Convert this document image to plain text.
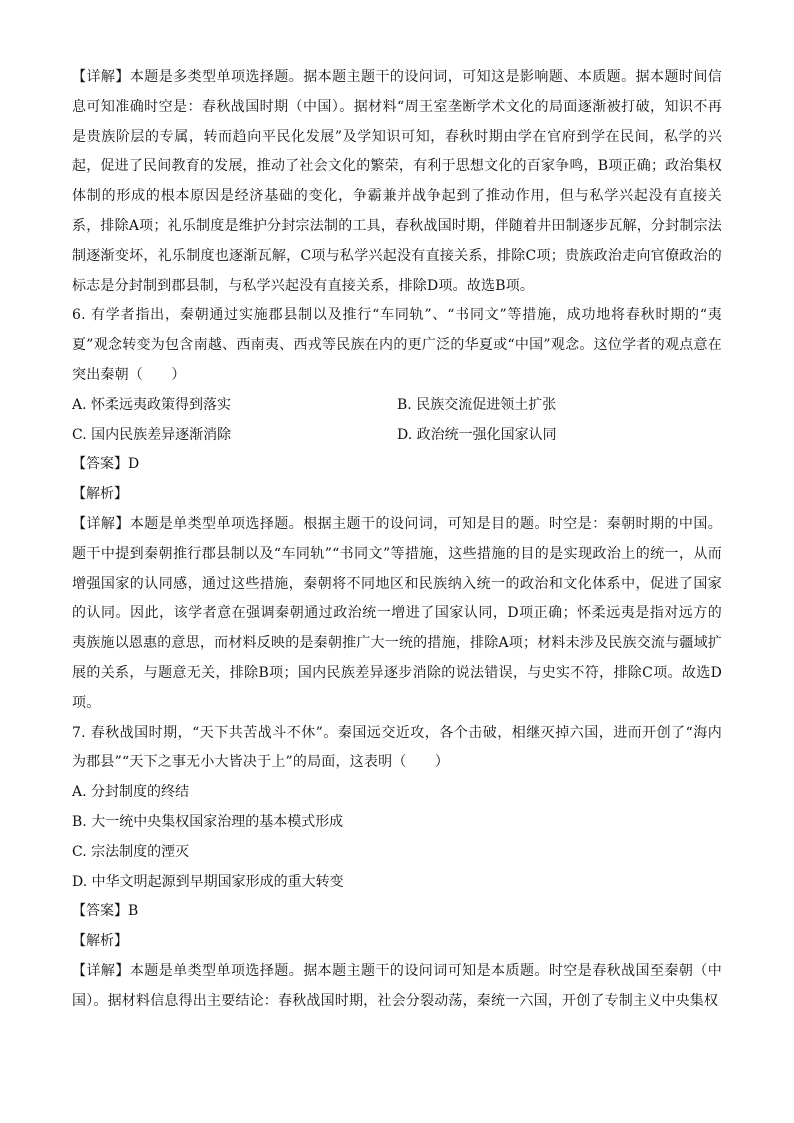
【详解】本题是多类型单项选择题。据本题主题干的设问词，可知这是影响题、本质题。据本题时间信息可知准确时空是：春秋战国时期（中国）。据材料“周王室垄断学术文化的局面逐渐被打破，知识不再是贵族阶层的专属，转而趋向平民化发展”及学知识可知，春秋时期由学在官府到学在民间，私学的兴起，促进了民间教育的发展，推动了社会文化的繁荣，有利于思想文化的百家争鸣，B项正确；政治集权体制的形成的根本原因是经济基础的变化，争霸兼并战争起到了推动作用，但与私学兴起没有直接关系，排除A项；礼乐制度是维护分封宗法制的工具，春秋战国时期，伴随着井田制逐步瓦解，分封制宗法制逐渐变坏，礼乐制度也逐渐瓦解，C项与私学兴起没有直接关系，排除C项；贵族政治走向官僚政治的标志是分封制到郡县制，与私学兴起没有直接关系，排除D项。故选B项。

6. 有学者指出，秦朝通过实施郡县制以及推行“车同轨”、“书同文”等措施，成功地将春秋时期的“夷夏”观念转变为包含南越、西南夷、西戎等民族在内的更广泛的华夏或“中国”观念。这位学者的观点意在突出秦朝（　　）

A. 怀柔远夷政策得到落实	B. 民族交流促进领土扩张
C. 国内民族差异逐渐消除	D. 政治统一强化国家认同
【答案】D
【解析】

【详解】本题是单类型单项选择题。根据主题干的设问词，可知是目的题。时空是：秦朝时期的中国。题干中提到秦朝推行郡县制以及“车同轨”“书同文”等措施，这些措施的目的是实现政治上的统一，从而增强国家的认同感，通过这些措施，秦朝将不同地区和民族纳入统一的政治和文化体系中，促进了国家的认同。因此，该学者意在强调秦朝通过政治统一增进了国家认同，D项正确；怀柔远夷是指对远方的夷族施以恩惠的意思，而材料反映的是秦朝推广大一统的措施，排除A项；材料未涉及民族交流与疆域扩展的关系，与题意无关，排除B项；国内民族差异逐步消除的说法错误，与史实不符，排除C项。故选D项。

7. 春秋战国时期，“天下共苦战斗不休”。秦国远交近攻，各个击破，相继灭掉六国，进而开创了“海内为郡县”“天下之事无小大皆决于上”的局面，这表明（　　）

A. 分封制度的终结
B. 大一统中央集权国家治理的基本模式形成
C. 宗法制度的湮灭
D. 中华文明起源到早期国家形成的重大转变
【答案】B
【解析】

【详解】本题是单类型单项选择题。据本题主题干的设问词可知是本质题。时空是春秋战国至秦朝（中国）。据材料信息得出主要结论：春秋战国时期，社会分裂动荡，秦统一六国，开创了专制主义中央集权
